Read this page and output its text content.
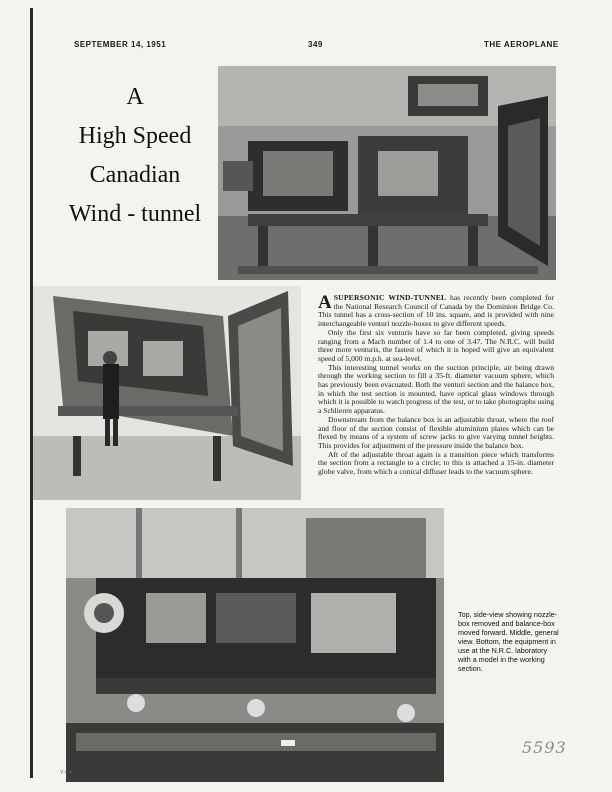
SEPTEMBER 14, 1951	349	THE AEROPLANE
A
High Speed
Canadian
Wind - tunnel

ASUPERSONIC WIND-TUNNEL has recently been completed for the National Research Council of Canada by the Dominion Bridge Co. This tunnel has a cross-section of 10 ins. square, and is provided with nine interchangeable venturi nozzle-boxes to give different speeds.

Only the first six venturis have so far been completed, giving speeds ranging from a Mach number of 1.4 to one of 3.47. The N.R.C. will build three more venturis, the fastest of which it is hoped will give an equivalent speed of 5,000 m.p.h. at sea-level.

This interesting tunnel works on the suction principle, air being drawn through the working section to fill a 35-ft. diameter vacuum sphere, which has previously been evacuated. Both the venturi section and the balance box, in which the test section is mounted, have optical glass windows through which it is possible to watch progress of the test, or to take photographs using a Schlieren apparatus.

Downstream from the balance box is an adjustable throat, where the roof and floor of the section consist of flexible aluminium plates which can be flexed by means of a system of screw jacks to give varying tunnel heights. This provides for adjustment of the pressure inside the balance box.

Aft of the adjustable throat again is a transition piece which transforms the section from a rectangle to a circle; to this is attached a 15-in. diameter globe valve, from which a conical diffuser leads to the vacuum sphere.

Top, side-view showing nozzle-box removed and balance-box moved forward. Middle, general view. Bottom, the equipment in use at the N.R.C. laboratory with a model in the working section.
5593
Y-4-4
